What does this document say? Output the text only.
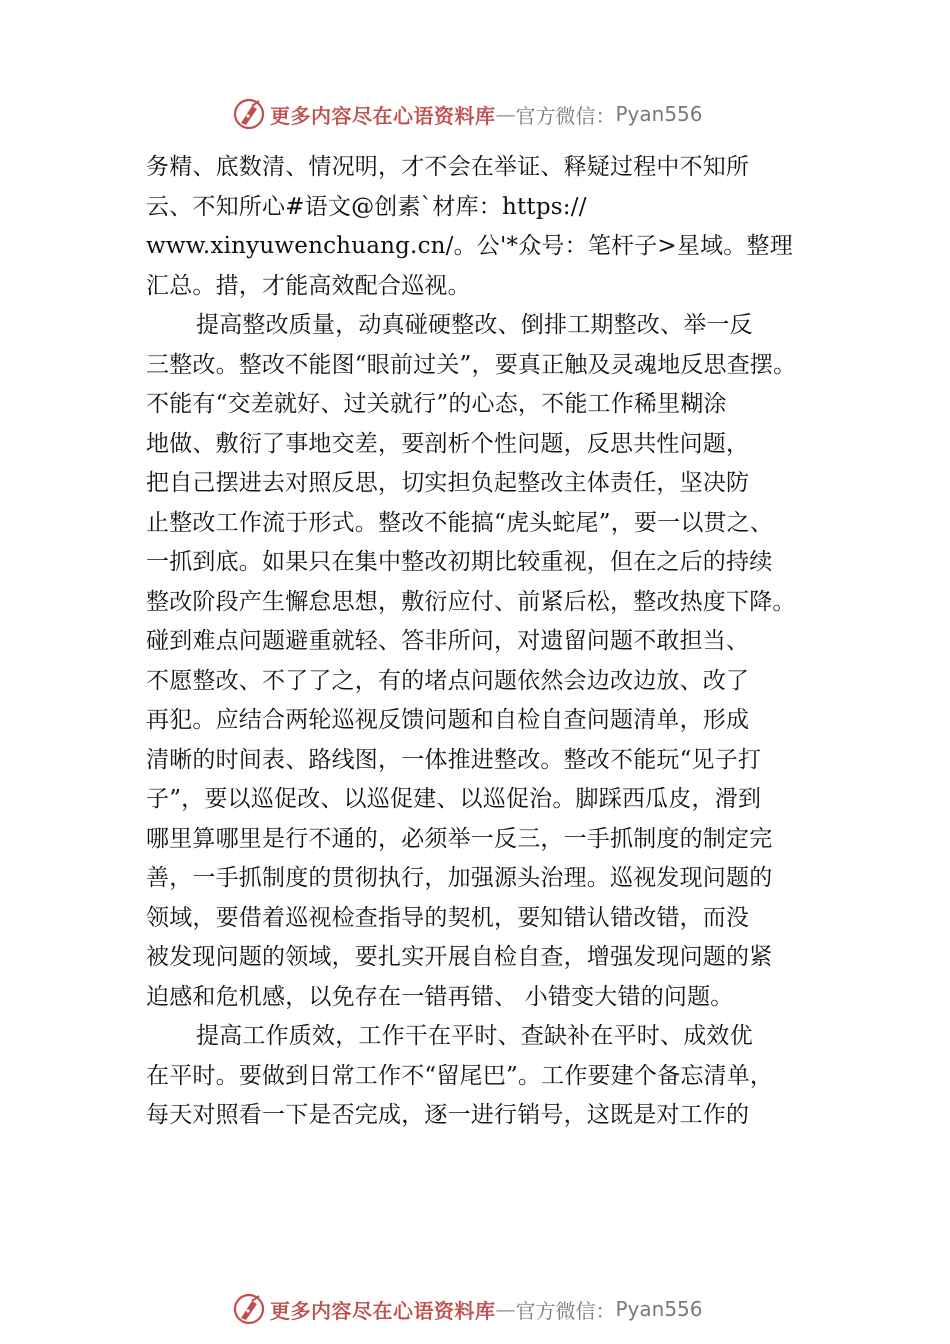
更多内容尽在心语资料库 — 官方微信： Pyan556
务精、底数清、情况明，才不会在举证、释疑过程中不知所
云、不知所心#语文@创素`材库：https://
www.xinyuwenchuang.cn/。公'*众号：笔杆子>星域。整理
汇总。措，才能高效配合巡视。
提高整改质量，动真碰硬整改、倒排工期整改、举一反
三整改。整改不能图“眼前过关”，要真正触及灵魂地反思查摆。
不能有“交差就好、过关就行”的心态，不能工作稀里糊涂
地做、敷衍了事地交差，要剖析个性问题，反思共性问题，
把自己摆进去对照反思，切实担负起整改主体责任，坚决防
止整改工作流于形式。整改不能搞“虎头蛇尾”，要一以贯之、
一抓到底。如果只在集中整改初期比较重视，但在之后的持续
整改阶段产生懈怠思想，敷衍应付、前紧后松，整改热度下降。
碰到难点问题避重就轻、答非所问，对遗留问题不敢担当、
不愿整改、不了了之，有的堵点问题依然会边改边放、改了
再犯。应结合两轮巡视反馈问题和自检自查问题清单，形成
清晰的时间表、路线图，一体推进整改。整改不能玩“见子打
子”，要以巡促改、以巡促建、以巡促治。脚踩西瓜皮，滑到
哪里算哪里是行不通的，必须举一反三，一手抓制度的制定完
善，一手抓制度的贯彻执行，加强源头治理。巡视发现问题的
领域，要借着巡视检查指导的契机，要知错认错改错，而没
被发现问题的领域，要扎实开展自检自查，增强发现问题的紧
迫感和危机感，以免存在一错再错、 小错变大错的问题。
提高工作质效，工作干在平时、查缺补在平时、成效优
在平时。要做到日常工作不“留尾巴”。工作要建个备忘清单，
每天对照看一下是否完成，逐一进行销号，这既是对工作的
更多内容尽在心语资料库 — 官方微信： Pyan556
